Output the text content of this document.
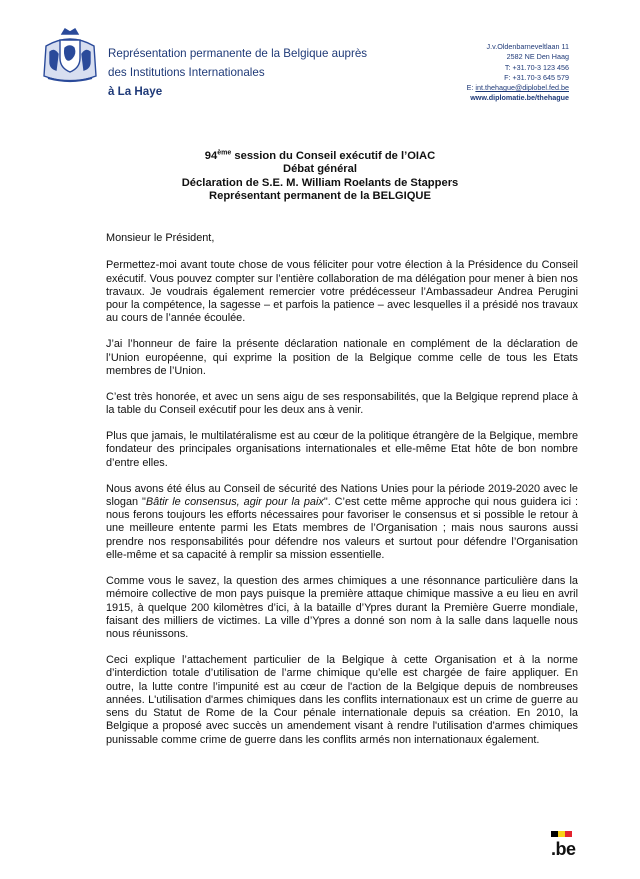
Représentation permanente de la Belgique auprès
des Institutions Internationales
à La Haye
J.v.Oldenbarneveltlaan 11
2582 NE Den Haag
T: +31.70-3 123 456
F: +31.70-3 645 579
E: int.thehague@diplobel.fed.be
www.diplomatie.be/thehague
94ème session du Conseil exécutif de l’OIAC
Débat général
Déclaration de S.E. M. William Roelants de Stappers
Représentant permanent de la BELGIQUE

Monsieur le Président,

Permettez-moi avant toute chose de vous féliciter pour votre élection à la Présidence du Conseil exécutif. Vous pouvez compter sur l’entière collaboration de ma délégation pour mener à bien nos travaux. Je voudrais également remercier votre prédécesseur l’Ambassadeur Andrea Perugini pour la compétence, la sagesse – et parfois la patience – avec lesquelles il a présidé nos travaux au cours de l’année écoulée.

J’ai l’honneur de faire la présente déclaration nationale en complément de la déclaration de l’Union européenne, qui exprime la position de la Belgique comme celle de tous les Etats membres de l’Union.

C’est très honorée, et avec un sens aigu de ses responsabilités, que la Belgique reprend place à la table du Conseil exécutif pour les deux ans à venir.

Plus que jamais, le multilatéralisme est au cœur de la politique étrangère de la Belgique, membre fondateur des principales organisations internationales et elle-même Etat hôte de bon nombre d’entre elles.

Nous avons été élus au Conseil de sécurité des Nations Unies pour la période 2019-2020 avec le slogan "Bâtir le consensus, agir pour la paix". C’est cette même approche qui nous guidera ici : nous ferons toujours les efforts nécessaires pour favoriser le consensus et si possible le retour à une meilleure entente parmi les Etats membres de l’Organisation ; mais nous saurons aussi prendre nos responsabilités pour défendre nos valeurs et surtout pour défendre l’Organisation elle-même et sa capacité à remplir sa mission essentielle.

Comme vous le savez, la question des armes chimiques a une résonnance particulière dans la mémoire collective de mon pays puisque la première attaque chimique massive a eu lieu en avril 1915, à quelque 200 kilomètres d’ici, à la bataille d’Ypres durant la Première Guerre mondiale, faisant des milliers de victimes. La ville d’Ypres a donné son nom à la salle dans laquelle nous nous réunissons.

Ceci explique l’attachement particulier de la Belgique à cette Organisation et à la norme d’interdiction totale d’utilisation de l’arme chimique qu’elle est chargée de faire appliquer. En outre, la lutte contre l’impunité est au cœur de l'action de la Belgique depuis de nombreuses années. L'utilisation d'armes chimiques dans les conflits internationaux est un crime de guerre au sens du Statut de Rome de la Cour pénale internationale depuis sa création. En 2010, la Belgique a proposé avec succès un amendement visant à rendre l'utilisation d'armes chimiques punissable comme crime de guerre dans les conflits armés non internationaux également.

.be
